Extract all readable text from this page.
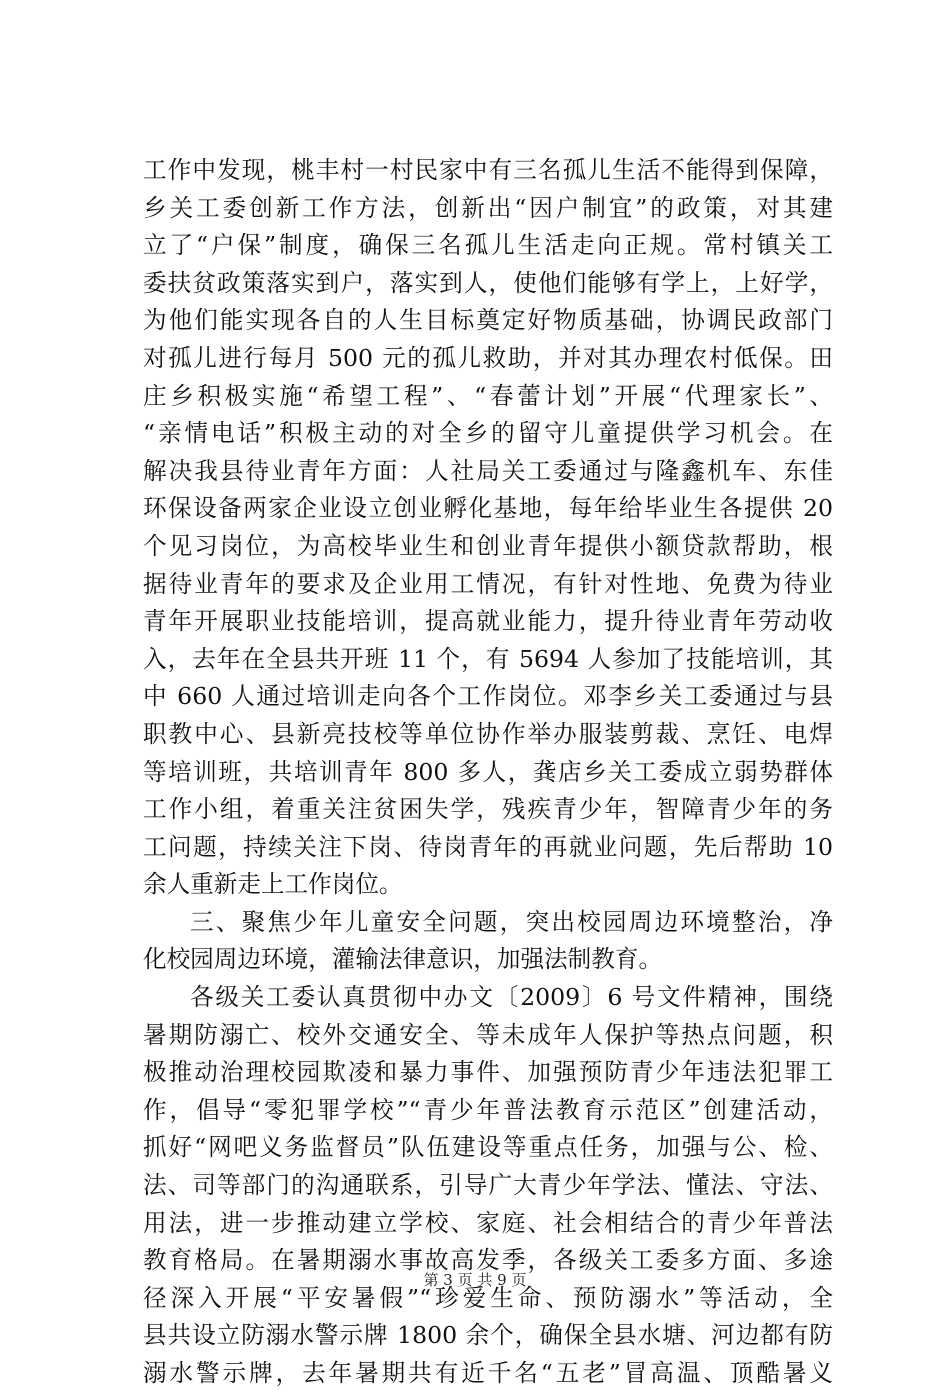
工作中发现，桃丰村一村民家中有三名孤儿生活不能得到保障，
乡关工委创新工作方法，创新出“因户制宜”的政策，对其建
立了“户保”制度，确保三名孤儿生活走向正规。常村镇关工
委扶贫政策落实到户，落实到人，使他们能够有学上，上好学，
为他们能实现各自的人生目标奠定好物质基础，协调民政部门
对孤儿进行每月 500 元的孤儿救助，并对其办理农村低保。田
庄乡积极实施“希望工程”、“春蕾计划”开展“代理家长”、
“亲情电话”积极主动的对全乡的留守儿童提供学习机会。在
解决我县待业青年方面：人社局关工委通过与隆鑫机车、东佳
环保设备两家企业设立创业孵化基地，每年给毕业生各提供 20
个见习岗位，为高校毕业生和创业青年提供小额贷款帮助，根
据待业青年的要求及企业用工情况，有针对性地、免费为待业
青年开展职业技能培训，提高就业能力，提升待业青年劳动收
入，去年在全县共开班 11 个，有 5694 人参加了技能培训，其
中 660 人通过培训走向各个工作岗位。邓李乡关工委通过与县
职教中心、县新亮技校等单位协作举办服装剪裁、烹饪、电焊
等培训班，共培训青年 800 多人，龚店乡关工委成立弱势群体
工作小组，着重关注贫困失学，残疾青少年，智障青少年的务
工问题，持续关注下岗、待岗青年的再就业问题，先后帮助 10
余人重新走上工作岗位。
三、聚焦少年儿童安全问题，突出校园周边环境整治，净
化校园周边环境，灌输法律意识，加强法制教育。
各级关工委认真贯彻中办文〔2009〕6 号文件精神，围绕
暑期防溺亡、校外交通安全、等未成年人保护等热点问题，积
极推动治理校园欺凌和暴力事件、加强预防青少年违法犯罪工
作，倡导“零犯罪学校”“青少年普法教育示范区”创建活动，
抓好“网吧义务监督员”队伍建设等重点任务，加强与公、检、
法、司等部门的沟通联系，引导广大青少年学法、懂法、守法、
用法，进一步推动建立学校、家庭、社会相结合的青少年普法
教育格局。在暑期溺水事故高发季，各级关工委多方面、多途
径深入开展“平安暑假”“珍爱生命、预防溺水”等活动，全
县共设立防溺水警示牌 1800 余个，确保全县水塘、河边都有防
溺水警示牌，去年暑期共有近千名“五老”冒高温、顶酷暑义
第 3 页 共 9 页
